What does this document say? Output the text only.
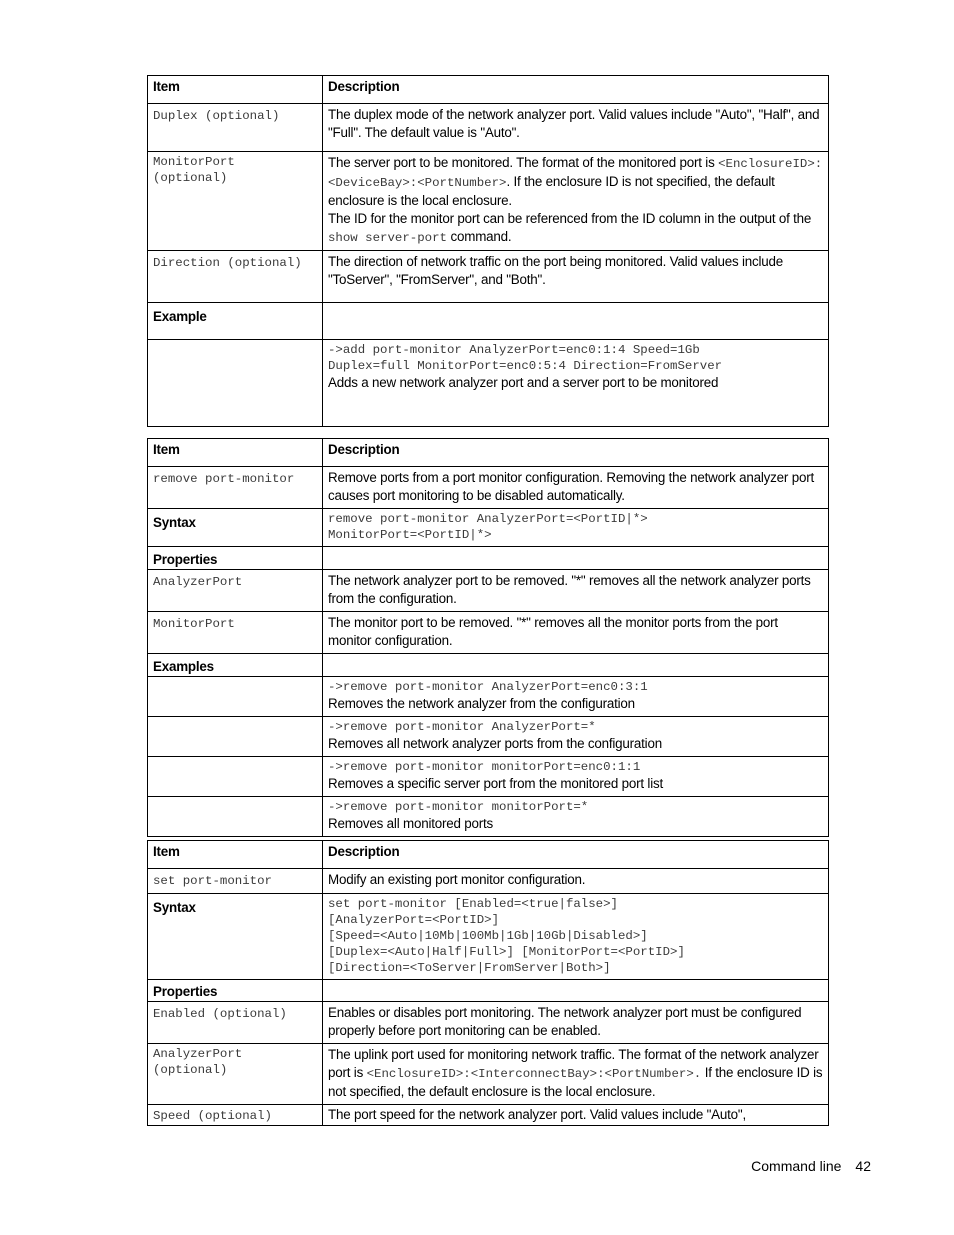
Item	Description
Duplex (optional)	The duplex mode of the network analyzer port. Valid values include "Auto", "Half", and "Full". The default value is "Auto".

MonitorPort
(optional)	The server port to be monitored. The format of the monitored port is <EnclosureID>:<DeviceBay>:<PortNumber>. If the enclosure ID is not specified, the default enclosure is the local enclosure.
The ID for the monitor port can be referenced from the ID column in the output of the show server-port command.

Direction (optional)	The direction of network traffic on the port being monitored. Valid values include "ToServer", "FromServer", and "Both".
Example	

	->add port-monitor AnalyzerPort=enc0:1:4 Speed=1Gb
Duplex=full MonitorPort=enc0:5:4 Direction=FromServer
Adds a new network analyzer port and a server port to be monitored
Item	Description
remove port-monitor	Remove ports from a port monitor configuration. Removing the network analyzer port causes port monitoring to be disabled automatically.
Syntax	remove port-monitor AnalyzerPort=<PortID|*>
MonitorPort=<PortID|*>

Properties	
AnalyzerPort	The network analyzer port to be removed. "*" removes all the network analyzer ports from the configuration.
MonitorPort	The monitor port to be removed. "*" removes all the monitor ports from the port monitor configuration.
Examples	

	->remove port-monitor AnalyzerPort=enc0:3:1
Removes the network analyzer from the configuration

	->remove port-monitor AnalyzerPort=*
Removes all network analyzer ports from the configuration

	->remove port-monitor monitorPort=enc0:1:1
Removes a specific server port from the monitored port list

	->remove port-monitor monitorPort=*
Removes all monitored ports
Item	Description
set port-monitor	Modify an existing port monitor configuration.
Syntax	set port-monitor [Enabled=<true|false>]
[AnalyzerPort=<PortID>]
[Speed=<Auto|10Mb|100Mb|1Gb|10Gb|Disabled>]
[Duplex=<Auto|Half|Full>] [MonitorPort=<PortID>]
[Direction=<ToServer|FromServer|Both>]

Properties	
Enabled (optional)	Enables or disables port monitoring. The network analyzer port must be configured properly before port monitoring can be enabled.

AnalyzerPort
(optional)	The uplink port used for monitoring network traffic. The format of the network analyzer port is <EnclosureID>:<InterconnectBay>:<PortNumber>. If the enclosure ID is not specified, the default enclosure is the local enclosure.
Speed (optional)	The port speed for the network analyzer port. Valid values include "Auto",
Command line 42
